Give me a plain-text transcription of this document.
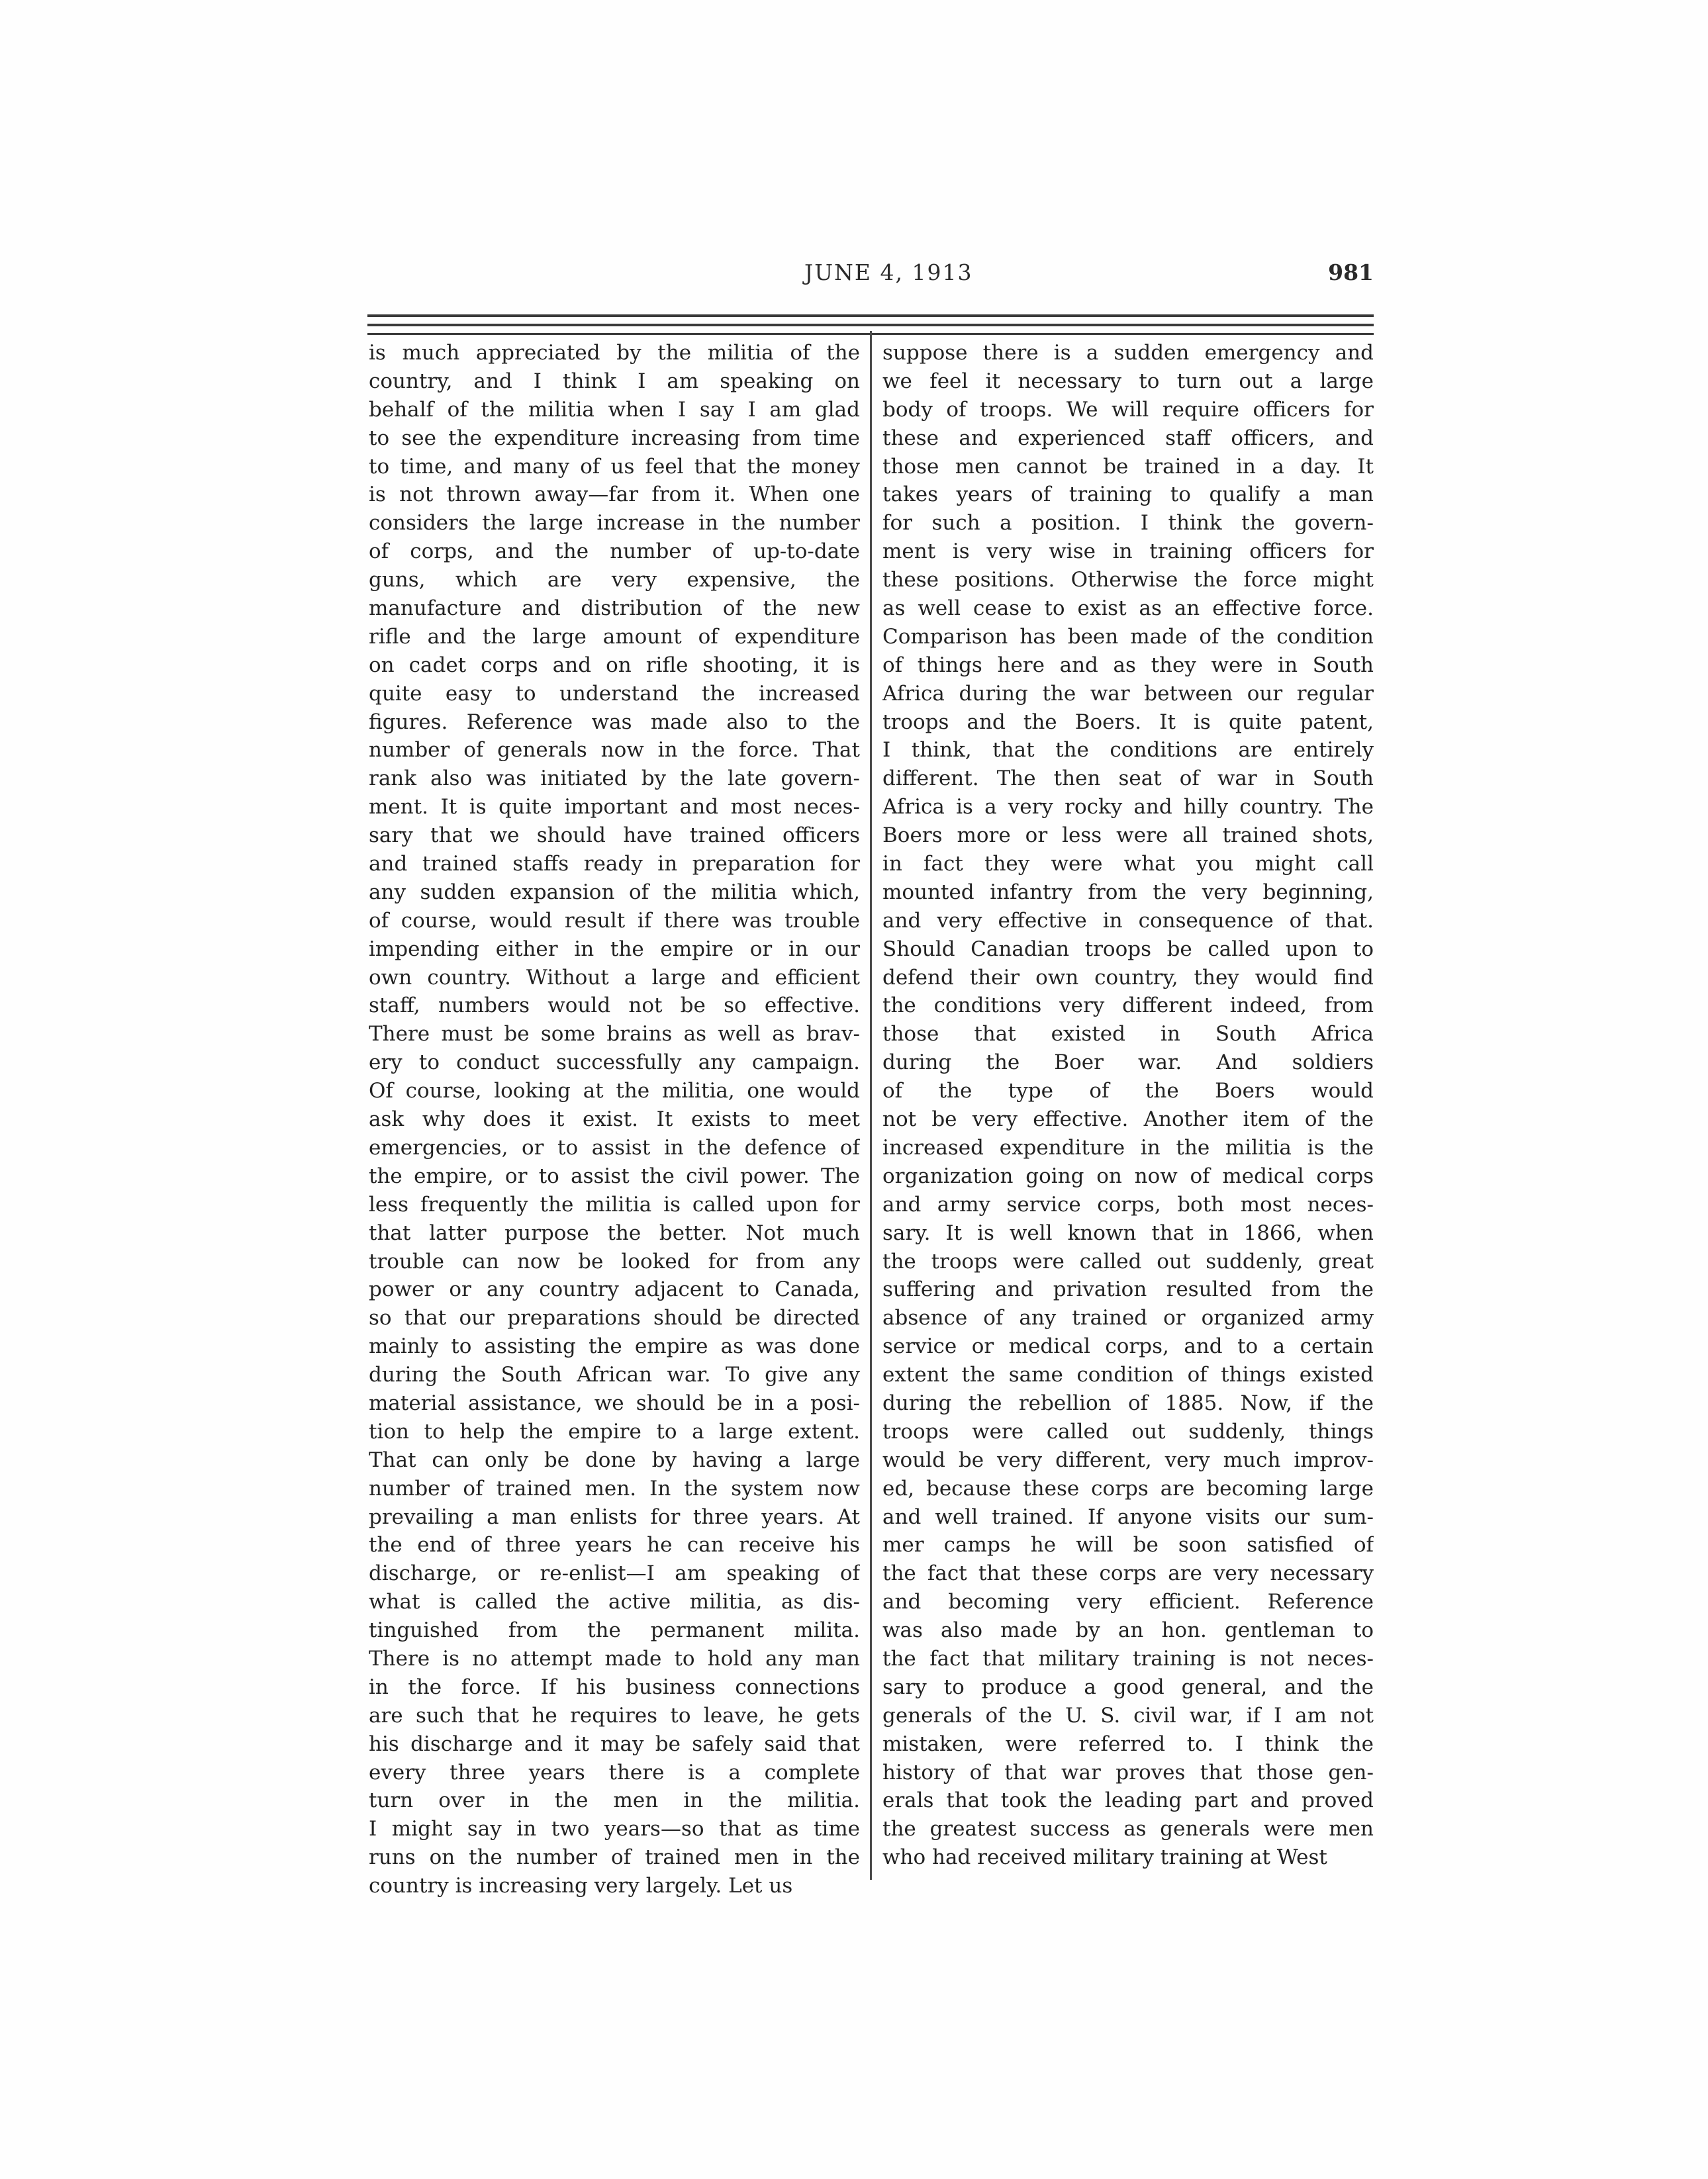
JUNE 4, 1913	981
is much appreciated by the militia of the
country, and I think I am speaking on
behalf of the militia when I say I am glad
to see the expenditure increasing from time
to time, and many of us feel that the money
is not thrown away—far from it. When one
considers the large increase in the number
of corps, and the number of up-to-date
guns, which are very expensive, the
manufacture and distribution of the new
rifle and the large amount of expenditure
on cadet corps and on rifle shooting, it is
quite easy to understand the increased
figures. Reference was made also to the
number of generals now in the force. That
rank also was initiated by the late govern-
ment. It is quite important and most neces-
sary that we should have trained officers
and trained staffs ready in preparation for
any sudden expansion of the militia which,
of course, would result if there was trouble
impending either in the empire or in our
own country. Without a large and efficient
staff, numbers would not be so effective.
There must be some brains as well as brav-
ery to conduct successfully any campaign.
Of course, looking at the militia, one would
ask why does it exist. It exists to meet
emergencies, or to assist in the defence of
the empire, or to assist the civil power. The
less frequently the militia is called upon for
that latter purpose the better. Not much
trouble can now be looked for from any
power or any country adjacent to Canada,
so that our preparations should be directed
mainly to assisting the empire as was done
during the South African war. To give any
material assistance, we should be in a posi-
tion to help the empire to a large extent.
That can only be done by having a large
number of trained men. In the system now
prevailing a man enlists for three years. At
the end of three years he can receive his
discharge, or re-enlist—I am speaking of
what is called the active militia, as dis-
tinguished from the permanent milita.
There is no attempt made to hold any man
in the force. If his business connections
are such that he requires to leave, he gets
his discharge and it may be safely said that
every three years there is a complete
turn over in the men in the militia.
I might say in two years—so that as time
runs on the number of trained men in the
country is increasing very largely. Let us
suppose there is a sudden emergency and
we feel it necessary to turn out a large
body of troops. We will require officers for
these and experienced staff officers, and
those men cannot be trained in a day. It
takes years of training to qualify a man
for such a position. I think the govern-
ment is very wise in training officers for
these positions. Otherwise the force might
as well cease to exist as an effective force.
Comparison has been made of the condition
of things here and as they were in South
Africa during the war between our regular
troops and the Boers. It is quite patent,
I think, that the conditions are entirely
different. The then seat of war in South
Africa is a very rocky and hilly country. The
Boers more or less were all trained shots,
in fact they were what you might call
mounted infantry from the very beginning,
and very effective in consequence of that.
Should Canadian troops be called upon to
defend their own country, they would find
the conditions very different indeed, from
those that existed in South Africa
during the Boer war. And soldiers
of the type of the Boers would
not be very effective. Another item of the
increased expenditure in the militia is the
organization going on now of medical corps
and army service corps, both most neces-
sary. It is well known that in 1866, when
the troops were called out suddenly, great
suffering and privation resulted from the
absence of any trained or organized army
service or medical corps, and to a certain
extent the same condition of things existed
during the rebellion of 1885. Now, if the
troops were called out suddenly, things
would be very different, very much improv-
ed, because these corps are becoming large
and well trained. If anyone visits our sum-
mer camps he will be soon satisfied of
the fact that these corps are very necessary
and becoming very efficient. Reference
was also made by an hon. gentleman to
the fact that military training is not neces-
sary to produce a good general, and the
generals of the U. S. civil war, if I am not
mistaken, were referred to. I think the
history of that war proves that those gen-
erals that took the leading part and proved
the greatest success as generals were men
who had received military training at West
